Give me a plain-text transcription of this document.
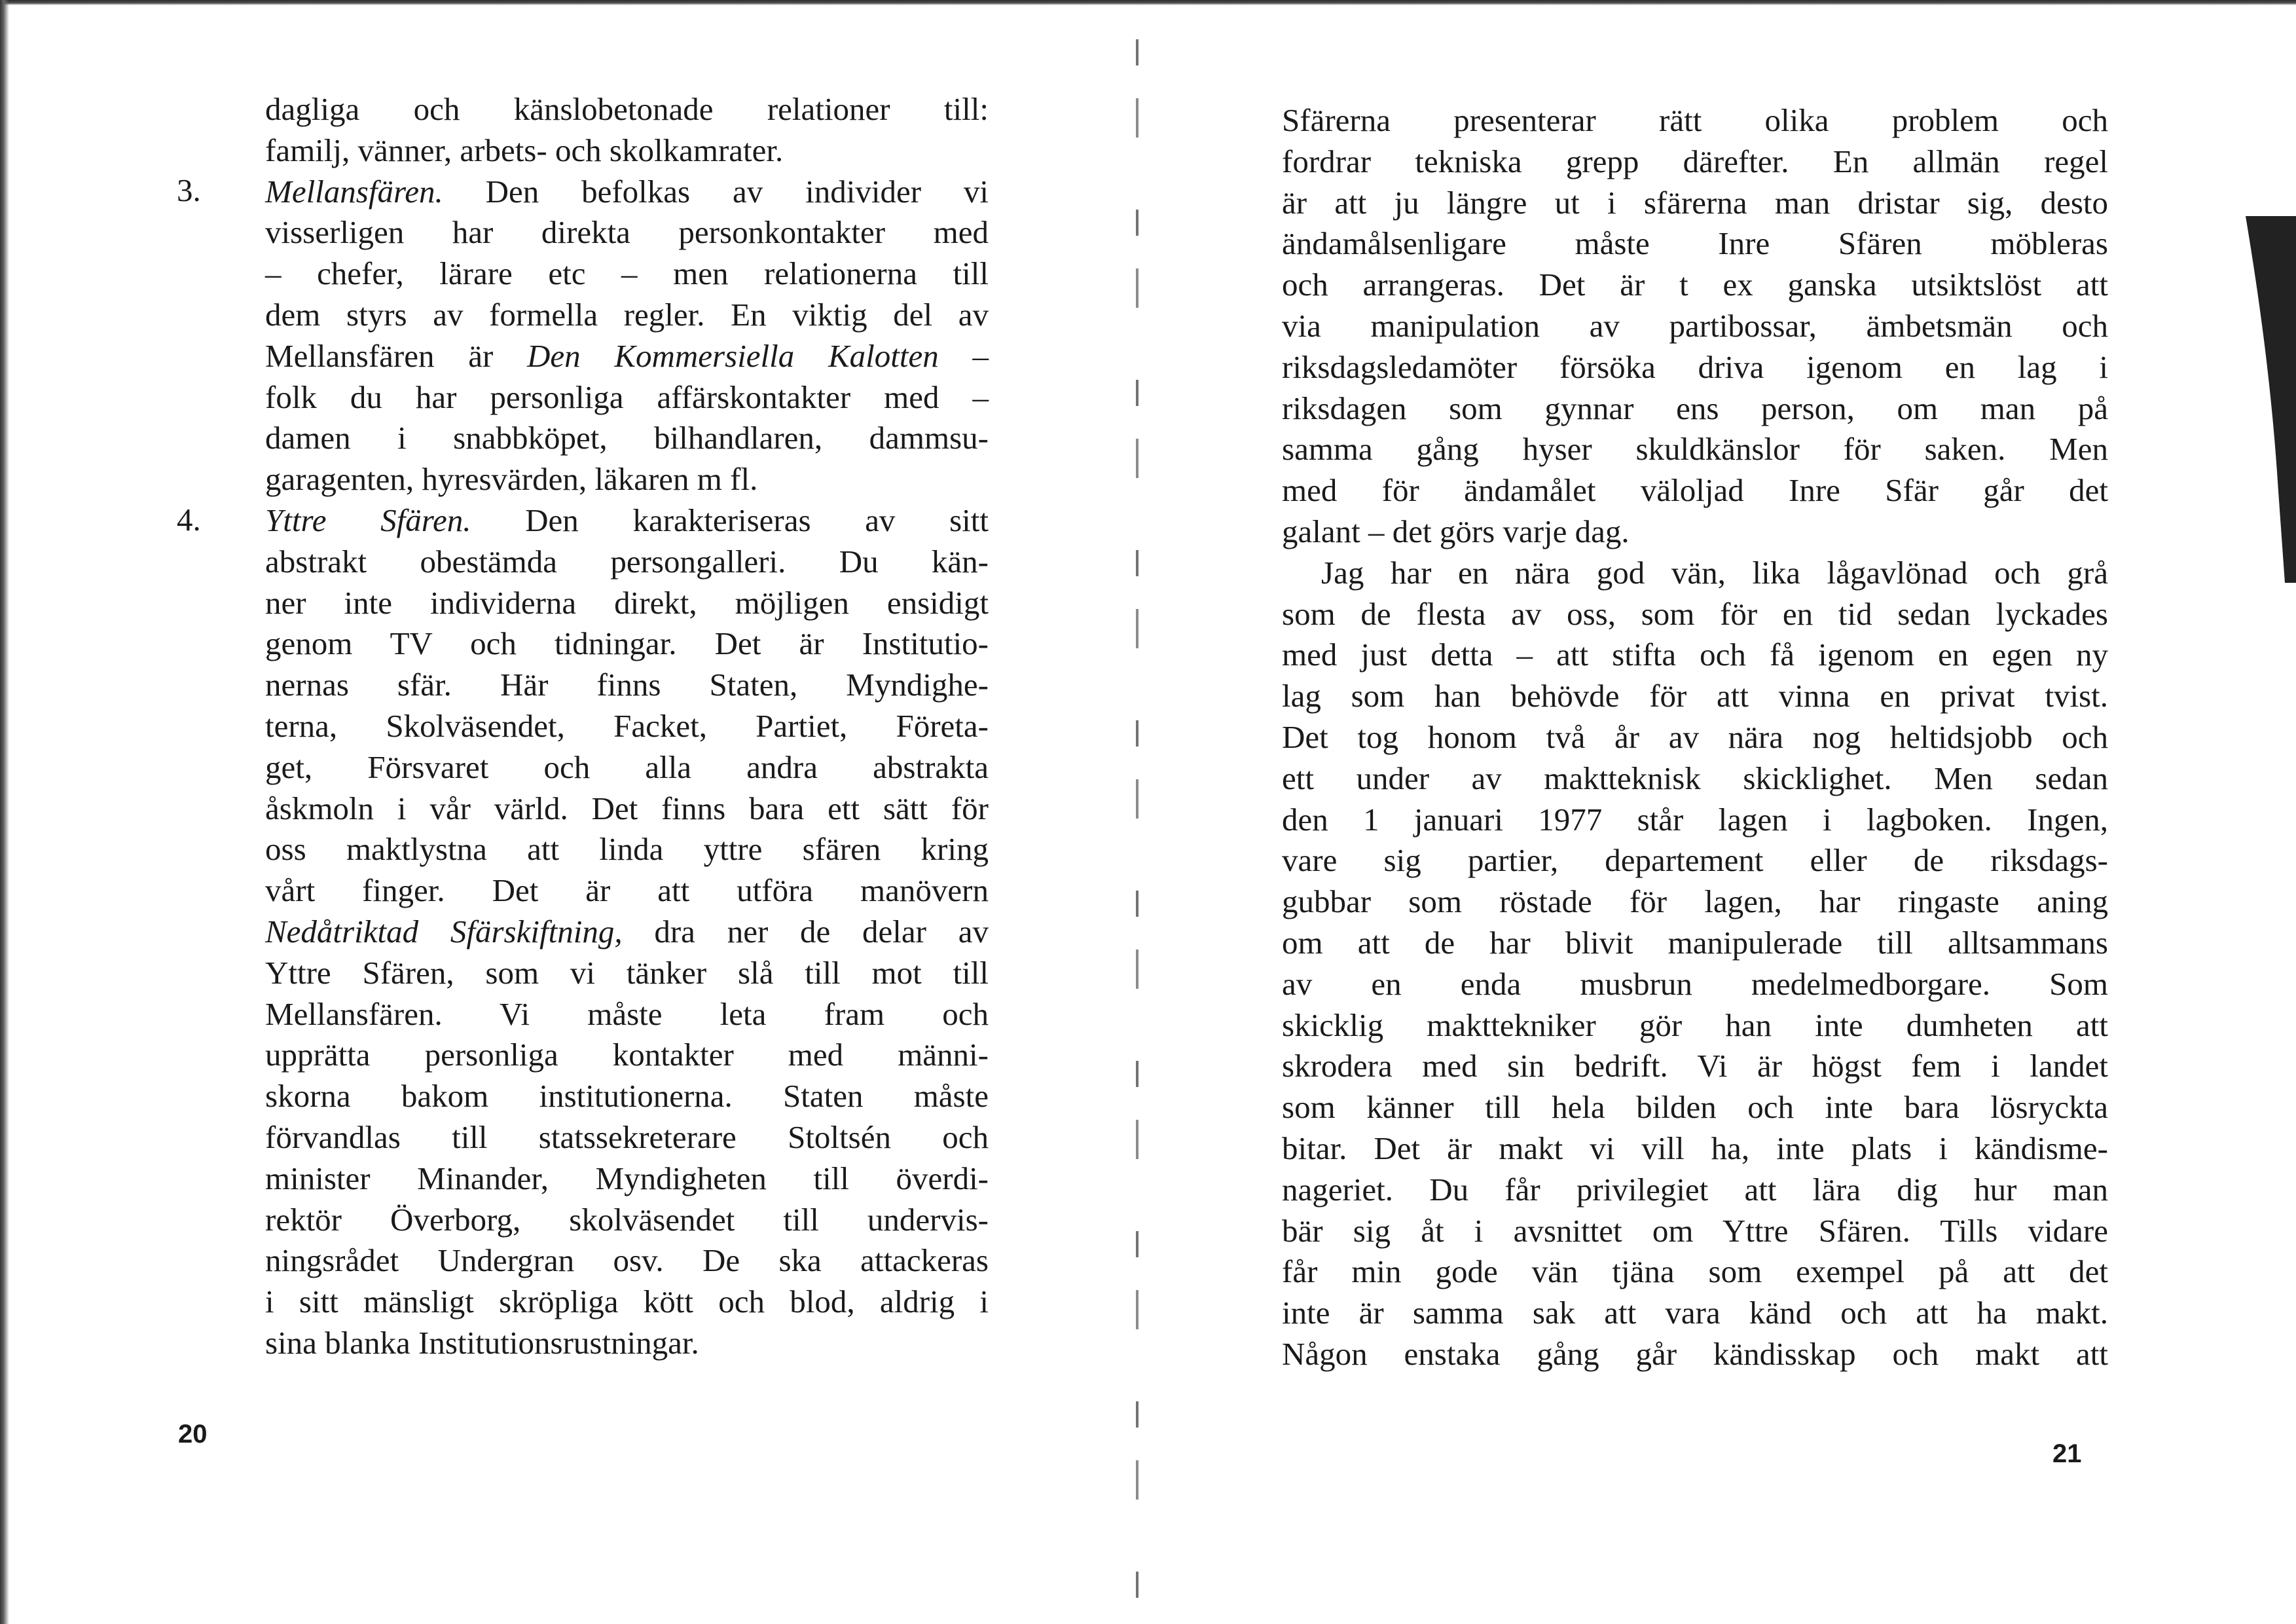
3.
4.
dagliga och känslobetonade relationer till:
familj, vänner, arbets- och skolkamrater.
Mellansfären. Den befolkas av individer vi
visserligen har direkta personkontakter med
– chefer, lärare etc – men relationerna till
dem styrs av formella regler. En viktig del av
Mellansfären är Den Kommersiella Kalotten –
folk du har personliga affärskontakter med –
damen i snabbköpet, bilhandlaren, dammsu-
garagenten, hyresvärden, läkaren m fl.
Yttre Sfären. Den karakteriseras av sitt
abstrakt obestämda persongalleri. Du kän-
ner inte individerna direkt, möjligen ensidigt
genom TV och tidningar. Det är Institutio-
nernas sfär. Här finns Staten, Myndighe-
terna, Skolväsendet, Facket, Partiet, Företa-
get, Försvaret och alla andra abstrakta
åskmoln i vår värld. Det finns bara ett sätt för
oss maktlystna att linda yttre sfären kring
vårt finger. Det är att utföra manövern
Nedåtriktad Sfärskiftning, dra ner de delar av
Yttre Sfären, som vi tänker slå till mot till
Mellansfären. Vi måste leta fram och
upprätta personliga kontakter med männi-
skorna bakom institutionerna. Staten måste
förvandlas till statssekreterare Stoltsén och
minister Minander, Myndigheten till överdi-
rektör Överborg, skolväsendet till undervis-
ningsrådet Undergran osv. De ska attackeras
i sitt mänsligt skröpliga kött och blod, aldrig i
sina blanka Institutionsrustningar.
20
Sfärerna presenterar rätt olika problem och
fordrar tekniska grepp därefter. En allmän regel
är att ju längre ut i sfärerna man dristar sig, desto
ändamålsenligare måste Inre Sfären möbleras
och arrangeras. Det är t ex ganska utsiktslöst att
via manipulation av partibossar, ämbetsmän och
riksdagsledamöter försöka driva igenom en lag i
riksdagen som gynnar ens person, om man på
samma gång hyser skuldkänslor för saken. Men
med för ändamålet väloljad Inre Sfär går det
galant – det görs varje dag.
Jag har en nära god vän, lika lågavlönad och grå
som de flesta av oss, som för en tid sedan lyckades
med just detta – att stifta och få igenom en egen ny
lag som han behövde för att vinna en privat tvist.
Det tog honom två år av nära nog heltidsjobb och
ett under av maktteknisk skicklighet. Men sedan
den 1 januari 1977 står lagen i lagboken. Ingen,
vare sig partier, departement eller de riksdags-
gubbar som röstade för lagen, har ringaste aning
om att de har blivit manipulerade till alltsammans
av en enda musbrun medelmedborgare. Som
skicklig makttekniker gör han inte dumheten att
skrodera med sin bedrift. Vi är högst fem i landet
som känner till hela bilden och inte bara lösryckta
bitar. Det är makt vi vill ha, inte plats i kändisme-
nageriet. Du får privilegiet att lära dig hur man
bär sig åt i avsnittet om Yttre Sfären. Tills vidare
får min gode vän tjäna som exempel på att det
inte är samma sak att vara känd och att ha makt.
Någon enstaka gång går kändisskap och makt att
21
